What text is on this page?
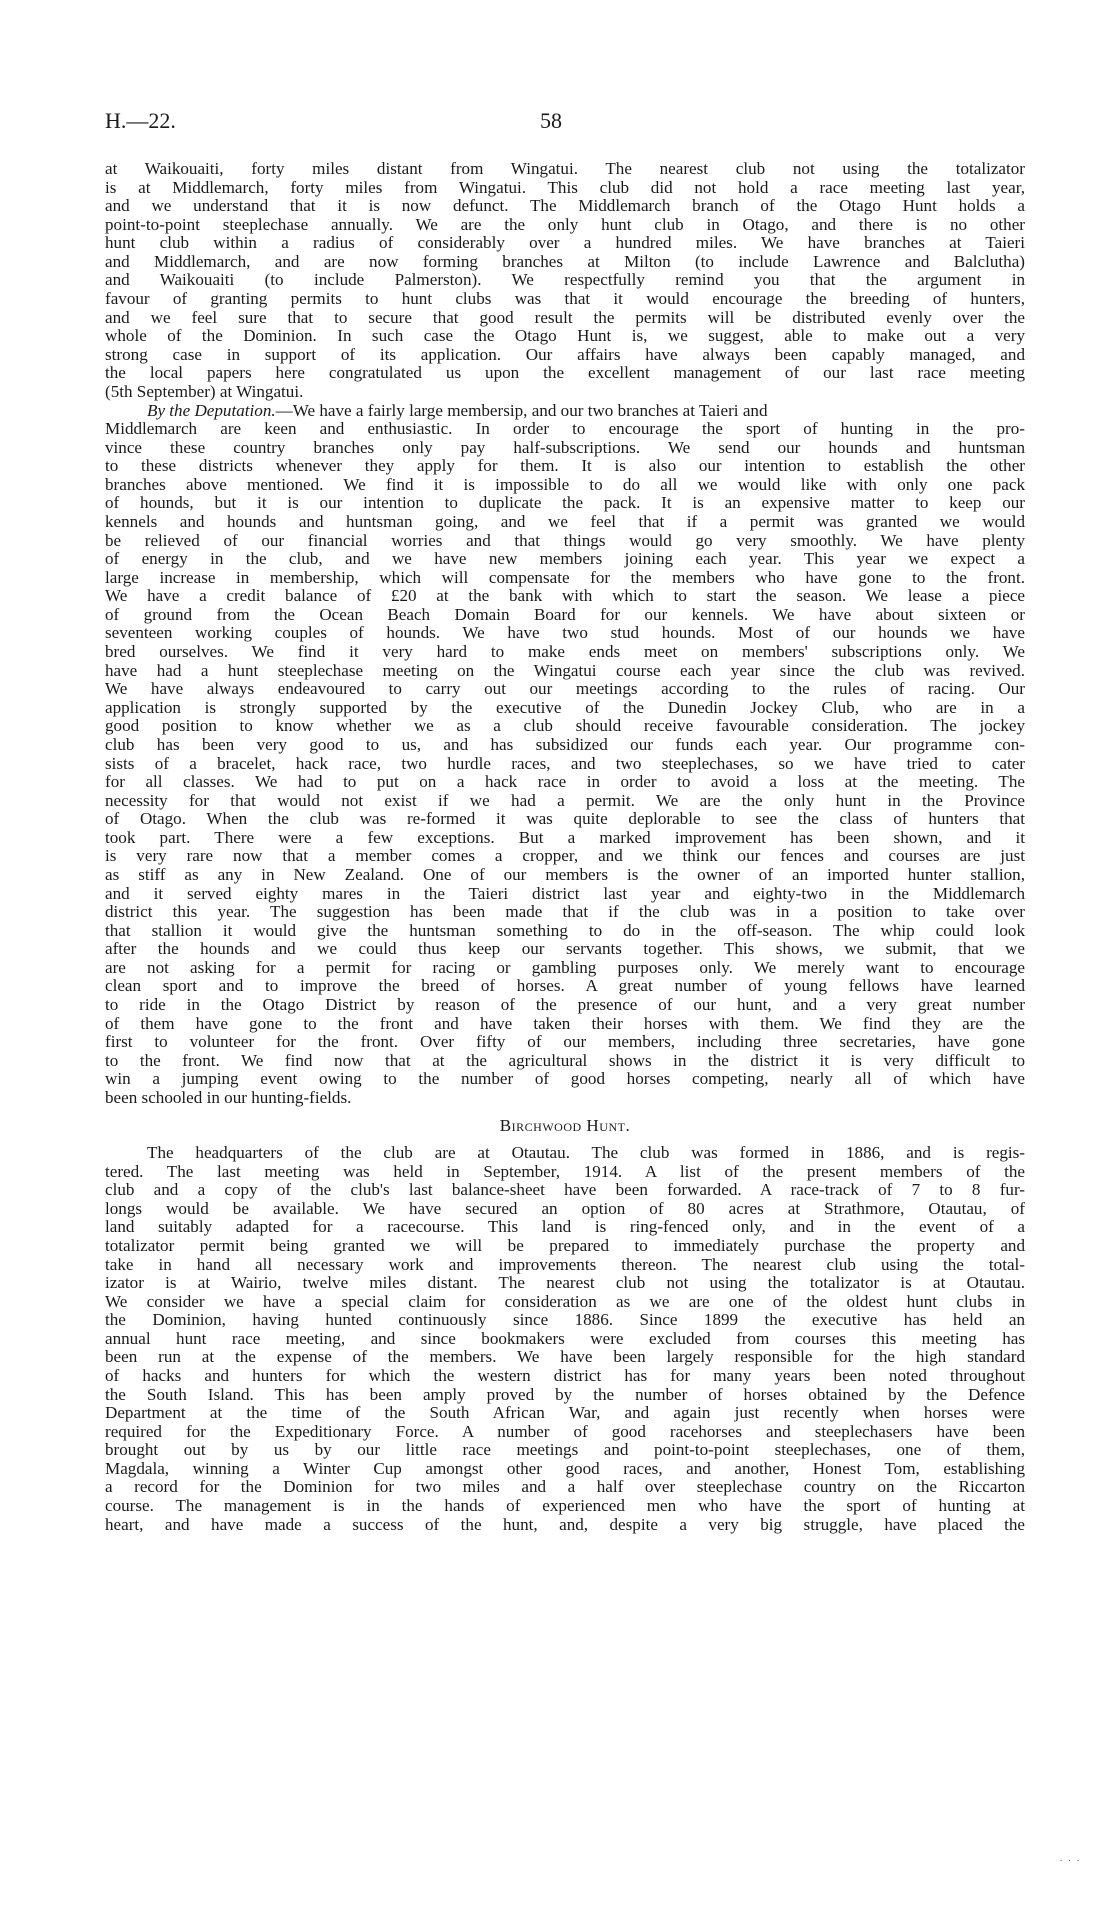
H.—22.	58
at Waikouaiti, forty miles distant from Wingatui. The nearest club not using the totalizator
is at Middlemarch, forty miles from Wingatui. This club did not hold a race meeting last year,
and we understand that it is now defunct. The Middlemarch branch of the Otago Hunt holds a
point-to-point steeplechase annually. We are the only hunt club in Otago, and there is no other
hunt club within a radius of considerably over a hundred miles. We have branches at Taieri
and Middlemarch, and are now forming branches at Milton (to include Lawrence and Balclutha)
and Waikouaiti (to include Palmerston). We respectfully remind you that the argument in
favour of granting permits to hunt clubs was that it would encourage the breeding of hunters,
and we feel sure that to secure that good result the permits will be distributed evenly over the
whole of the Dominion. In such case the Otago Hunt is, we suggest, able to make out a very
strong case in support of its application. Our affairs have always been capably managed, and
the local papers here congratulated us upon the excellent management of our last race meeting
(5th September) at Wingatui.
By the Deputation.—We have a fairly large membersip, and our two branches at Taieri and
Middlemarch are keen and enthusiastic. In order to encourage the sport of hunting in the pro-
vince these country branches only pay half-subscriptions. We send our hounds and huntsman
to these districts whenever they apply for them. It is also our intention to establish the other
branches above mentioned. We find it is impossible to do all we would like with only one pack
of hounds, but it is our intention to duplicate the pack. It is an expensive matter to keep our
kennels and hounds and huntsman going, and we feel that if a permit was granted we would
be relieved of our financial worries and that things would go very smoothly. We have plenty
of energy in the club, and we have new members joining each year. This year we expect a
large increase in membership, which will compensate for the members who have gone to the front.
We have a credit balance of £20 at the bank with which to start the season. We lease a piece
of ground from the Ocean Beach Domain Board for our kennels. We have about sixteen or
seventeen working couples of hounds. We have two stud hounds. Most of our hounds we have
bred ourselves. We find it very hard to make ends meet on members' subscriptions only. We
have had a hunt steeplechase meeting on the Wingatui course each year since the club was revived.
We have always endeavoured to carry out our meetings according to the rules of racing. Our
application is strongly supported by the executive of the Dunedin Jockey Club, who are in a
good position to know whether we as a club should receive favourable consideration. The jockey
club has been very good to us, and has subsidized our funds each year. Our programme con-
sists of a bracelet, hack race, two hurdle races, and two steeplechases, so we have tried to cater
for all classes. We had to put on a hack race in order to avoid a loss at the meeting. The
necessity for that would not exist if we had a permit. We are the only hunt in the Province
of Otago. When the club was re-formed it was quite deplorable to see the class of hunters that
took part. There were a few exceptions. But a marked improvement has been shown, and it
is very rare now that a member comes a cropper, and we think our fences and courses are just
as stiff as any in New Zealand. One of our members is the owner of an imported hunter stallion,
and it served eighty mares in the Taieri district last year and eighty-two in the Middlemarch
district this year. The suggestion has been made that if the club was in a position to take over
that stallion it would give the huntsman something to do in the off-season. The whip could look
after the hounds and we could thus keep our servants together. This shows, we submit, that we
are not asking for a permit for racing or gambling purposes only. We merely want to encourage
clean sport and to improve the breed of horses. A great number of young fellows have learned
to ride in the Otago District by reason of the presence of our hunt, and a very great number
of them have gone to the front and have taken their horses with them. We find they are the
first to volunteer for the front. Over fifty of our members, including three secretaries, have gone
to the front. We find now that at the agricultural shows in the district it is very difficult to
win a jumping event owing to the number of good horses competing, nearly all of which have
been schooled in our hunting-fields.
Birchwood Hunt.
The headquarters of the club are at Otautau. The club was formed in 1886, and is regis-
tered. The last meeting was held in September, 1914. A list of the present members of the
club and a copy of the club's last balance-sheet have been forwarded. A race-track of 7 to 8 fur-
longs would be available. We have secured an option of 80 acres at Strathmore, Otautau, of
land suitably adapted for a racecourse. This land is ring-fenced only, and in the event of a
totalizator permit being granted we will be prepared to immediately purchase the property and
take in hand all necessary work and improvements thereon. The nearest club using the total-
izator is at Wairio, twelve miles distant. The nearest club not using the totalizator is at Otautau.
We consider we have a special claim for consideration as we are one of the oldest hunt clubs in
the Dominion, having hunted continuously since 1886. Since 1899 the executive has held an
annual hunt race meeting, and since bookmakers were excluded from courses this meeting has
been run at the expense of the members. We have been largely responsible for the high standard
of hacks and hunters for which the western district has for many years been noted throughout
the South Island. This has been amply proved by the number of horses obtained by the Defence
Department at the time of the South African War, and again just recently when horses were
required for the Expeditionary Force. A number of good racehorses and steeplechasers have been
brought out by us by our little race meetings and point-to-point steeplechases, one of them,
Magdala, winning a Winter Cup amongst other good races, and another, Honest Tom, establishing
a record for the Dominion for two miles and a half over steeplechase country on the Riccarton
course. The management is in the hands of experienced men who have the sport of hunting at
heart, and have made a success of the hunt, and, despite a very big struggle, have placed the
. . .
